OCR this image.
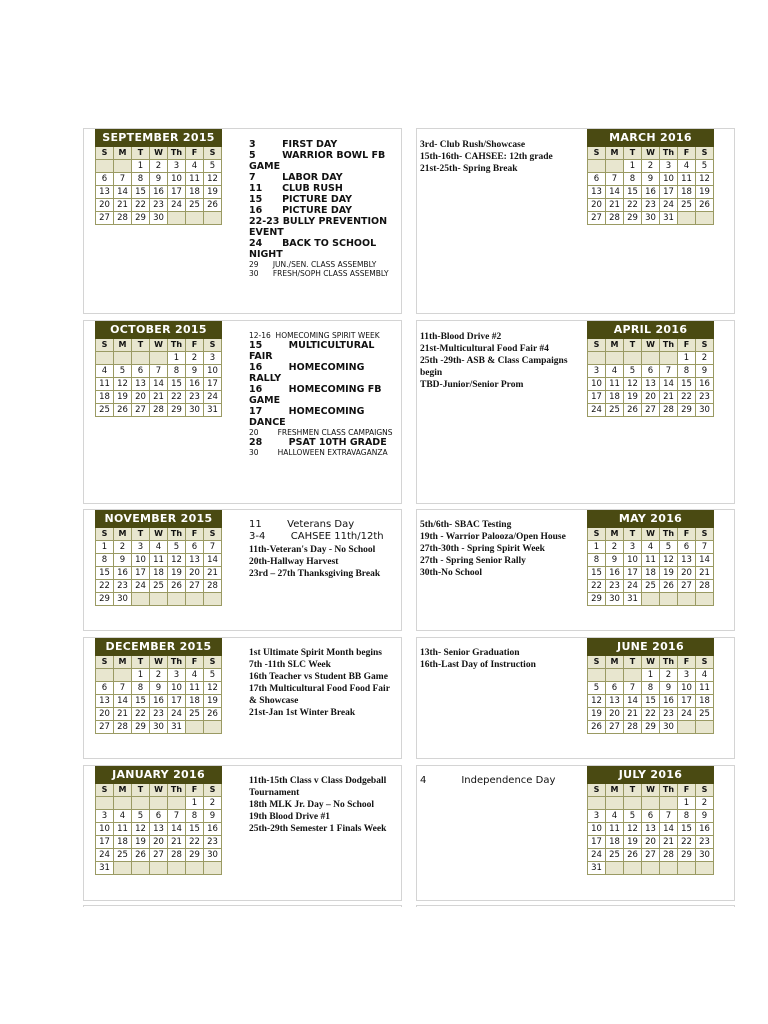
SEPTEMBER 2015						
S	M	T	W	Th	F	S
		1	2	3	4	5
6	7	8	9	10	11	12
13	14	15	16	17	18	19
20	21	22	23	24	25	26
27	28	29	30			
MARCH 2016						
S	M	T	W	Th	F	S
		1	2	3	4	5
6	7	8	9	10	11	12
13	14	15	16	17	18	19
20	21	22	23	24	25	26
27	28	29	30	31		
OCTOBER 2015						
S	M	T	W	Th	F	S
				1	2	3
4	5	6	7	8	9	10
11	12	13	14	15	16	17
18	19	20	21	22	23	24
25	26	27	28	29	30	31
APRIL 2016						
S	M	T	W	Th	F	S
					1	2
3	4	5	6	7	8	9
10	11	12	13	14	15	16
17	18	19	20	21	22	23
24	25	26	27	28	29	30
NOVEMBER 2015						
S	M	T	W	Th	F	S
1	2	3	4	5	6	7
8	9	10	11	12	13	14
15	16	17	18	19	20	21
22	23	24	25	26	27	28
29	30					
MAY 2016						
S	M	T	W	Th	F	S
1	2	3	4	5	6	7
8	9	10	11	12	13	14
15	16	17	18	19	20	21
22	23	24	25	26	27	28
29	30	31				
DECEMBER 2015						
S	M	T	W	Th	F	S
		1	2	3	4	5
6	7	8	9	10	11	12
13	14	15	16	17	18	19
20	21	22	23	24	25	26
27	28	29	30	31		
JUNE 2016						
S	M	T	W	Th	F	S
			1	2	3	4
5	6	7	8	9	10	11
12	13	14	15	16	17	18
19	20	21	22	23	24	25
26	27	28	29	30		
JANUARY 2016						
S	M	T	W	Th	F	S
					1	2
3	4	5	6	7	8	9
10	11	12	13	14	15	16
17	18	19	20	21	22	23
24	25	26	27	28	29	30
31						
JULY 2016						
S	M	T	W	Th	F	S
					1	2
3	4	5	6	7	8	9
10	11	12	13	14	15	16
17	18	19	20	21	22	23
24	25	26	27	28	29	30
31						
3        FIRST DAY
5        WARRIOR BOWL FB GAME
7        LABOR DAY
11      CLUB RUSH
15      PICTURE DAY
16      PICTURE DAY
22-23 BULLY PREVENTION EVENT
24      BACK TO SCHOOL NIGHT
29      JUN./SEN. CLASS ASSEMBLY
30      FRESH/SOPH CLASS ASSEMBLY
12-16  HOMECOMING SPIRIT WEEK
15        MULTICULTURAL FAIR
16        HOMECOMING RALLY
16        HOMECOMING FB GAME
17        HOMECOMING DANCE
20        FRESHMEN CLASS CAMPAIGNS
28        PSAT 10TH GRADE
30        HALLOWEEN EXTRAVAGANZA
11        Veterans Day
3-4        CAHSEE 11th/12th
11th-Veteran's Day - No School
20th-Hallway Harvest
23rd – 27th Thanksgiving Break
1st Ultimate Spirit Month begins
7th -11th SLC Week
16th Teacher vs Student BB Game
17th Multicultural Food Food Fair & Showcase
21st-Jan 1st Winter Break
11th-15th Class v Class Dodgeball Tournament
18th MLK Jr. Day – No School
19th Blood Drive #1
25th-29th Semester 1 Finals Week
3rd- Club Rush/Showcase
15th-16th- CAHSEE: 12th grade
21st-25th- Spring Break
11th-Blood Drive #2
21st-Multicultural Food Fair #4
25th -29th- ASB & Class Campaigns begin
TBD-Junior/Senior Prom
5th/6th- SBAC Testing
19th - Warrior Palooza/Open House
27th-30th - Spring Spirit Week
27th - Spring Senior Rally
30th-No School
13th- Senior Graduation
16th-Last Day of Instruction
4           Independence Day
